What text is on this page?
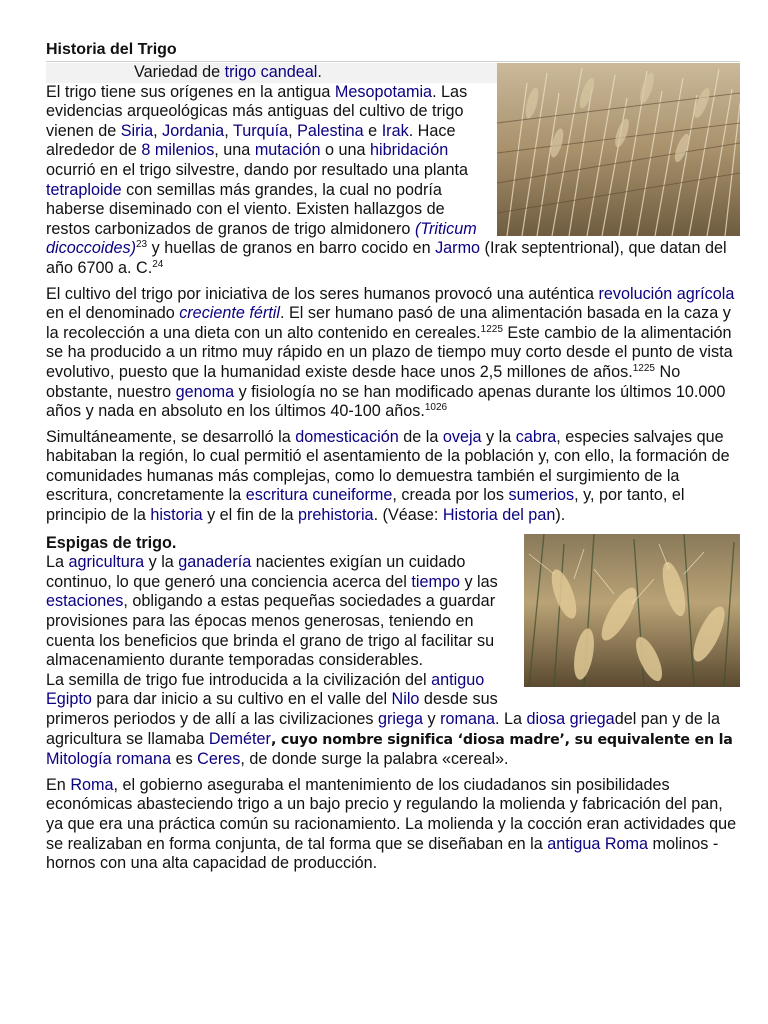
Historia del Trigo

Variedad de trigo candeal.
El trigo tiene sus orígenes en la antigua Mesopotamia. Las evidencias arqueológicas más antiguas del cultivo de trigo vienen de Siria, Jordania, Turquía, Palestina e Irak. Hace alrededor de 8 milenios, una mutación o una hibridación ocurrió en el trigo silvestre, dando por resultado una planta tetraploide con semillas más grandes, la cual no podría haberse diseminado con el viento. Existen hallazgos de restos carbonizados de granos de trigo almidonero (Triticum dicoccoides)$^{23}$ y huellas de granos en barro cocido en Jarmo (Irak septentrional), que datan del año 6700 a. C.$^{24}$

El cultivo del trigo por iniciativa de los seres humanos provocó una auténtica revolución agrícola en el denominado creciente fértil. El ser humano pasó de una alimentación basada en la caza y la recolección a una dieta con un alto contenido en cereales.$^{1225}$ Este cambio de la alimentación se ha producido a un ritmo muy rápido en un plazo de tiempo muy corto desde el punto de vista evolutivo, puesto que la humanidad existe desde hace unos 2,5 millones de años.$^{1225}$ No obstante, nuestro genoma y fisiología no se han modificado apenas durante los últimos 10.000 años y nada en absoluto en los últimos 40-100 años.$^{1026}$

Simultáneamente, se desarrolló la domesticación de la oveja y la cabra, especies salvajes que habitaban la región, lo cual permitió el asentamiento de la población y, con ello, la formación de comunidades humanas más complejas, como lo demuestra también el surgimiento de la escritura, concretamente la escritura cuneiforme, creada por los sumerios, y, por tanto, el principio de la historia y el fin de la prehistoria. (Véase: Historia del pan).

Espigas de trigo.
La agricultura y la ganadería nacientes exigían un cuidado continuo, lo que generó una conciencia acerca del tiempo y las estaciones, obligando a estas pequeñas sociedades a guardar provisiones para las épocas menos generosas, teniendo en cuenta los beneficios que brinda el grano de trigo al facilitar su almacenamiento durante temporadas considerables.

La semilla de trigo fue introducida a la civilización del antiguo Egipto para dar inicio a su cultivo en el valle del Nilo desde sus primeros periodos y de allí a las civilizaciones griega y romana. La diosa griegadel pan y de la agricultura se llamaba Deméter, cuyo nombre significa ‘diosa madre’, su equivalente en la Mitología romana es Ceres, de donde surge la palabra «cereal».

En Roma, el gobierno aseguraba el mantenimiento de los ciudadanos sin posibilidades económicas abasteciendo trigo a un bajo precio y regulando la molienda y fabricación del pan, ya que era una práctica común su racionamiento. La molienda y la cocción eran actividades que se realizaban en forma conjunta, de tal forma que se diseñaban en la antigua Roma molinos - hornos con una alta capacidad de producción.
